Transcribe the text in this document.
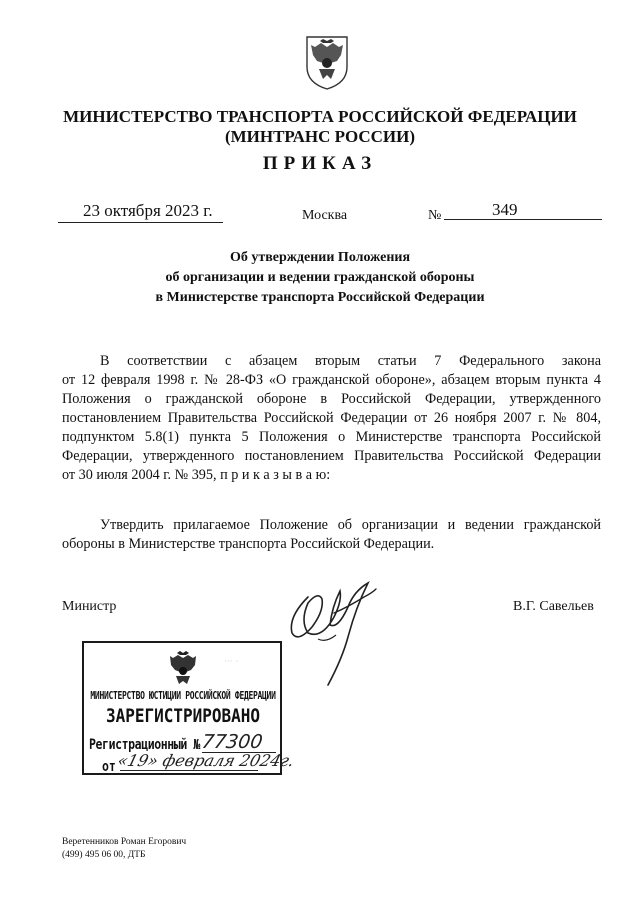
МИНИСТЕРСТВО ТРАНСПОРТА РОССИЙСКОЙ ФЕДЕРАЦИИ
(МИНТРАНС РОССИИ)
ПРИКАЗ
23 октября 2023 г.	Москва	№	349
Об утверждении Положения
об организации и ведении гражданской обороны
в Министерстве транспорта Российской Федерации
В соответствии с абзацем вторым статьи 7 Федерального закона
от 12 февраля 1998 г. № 28-ФЗ «О гражданской обороне», абзацем вторым пункта 4
Положения о гражданской обороне в Российской Федерации, утвержденного
постановлением Правительства Российской Федерации от 26 ноября 2007 г. № 804,
подпунктом 5.8(1) пункта 5 Положения о Министерстве транспорта Российской
Федерации, утвержденного постановлением Правительства Российской Федерации
от 30 июля 2004 г. № 395, п р и к а з ы в а ю:
Утвердить прилагаемое Положение об организации и ведении гражданской
обороны в Министерстве транспорта Российской Федерации.
Министр	В.Г. Савельев
··· ·
МИНИСТЕРСТВО ЮСТИЦИИ РОССИЙСКОЙ ФЕДЕРАЦИИ
ЗАРЕГИСТРИРОВАНО
Регистрационный № 77300
от «19» февраля 2024г.
Веретенников Роман Егорович
(499) 495 06 00, ДТБ
